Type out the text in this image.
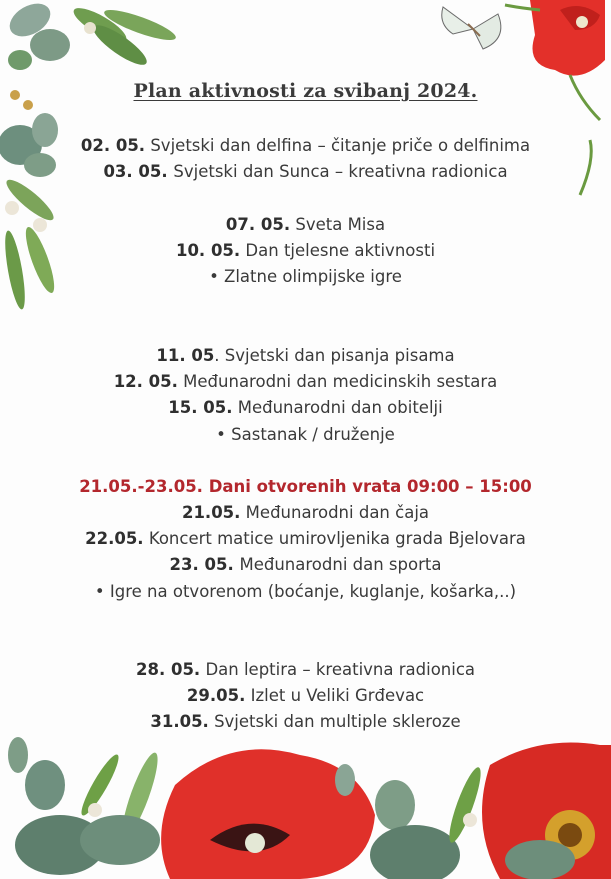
Plan aktivnosti za svibanj 2024.
02. 05. Svjetski dan delfina – čitanje priče o delfinima
03. 05. Svjetski dan Sunca – kreativna radionica
07. 05. Sveta Misa
10. 05. Dan tjelesne aktivnosti
• Zlatne olimpijske igre
11. 05. Svjetski dan pisanja pisama
12. 05. Međunarodni dan medicinskih sestara
15. 05. Međunarodni dan obitelji
• Sastanak / druženje
21.05.-23.05. Dani otvorenih vrata 09:00 – 15:00
21.05. Međunarodni dan čaja
22.05. Koncert matice umirovljenika grada Bjelovara
23. 05. Međunarodni dan sporta
• Igre na otvorenom (boćanje, kuglanje, košarka,..)
28. 05. Dan leptira – kreativna radionica
29.05. Izlet u Veliki Grđevac
31.05. Svjetski dan multiple skleroze
